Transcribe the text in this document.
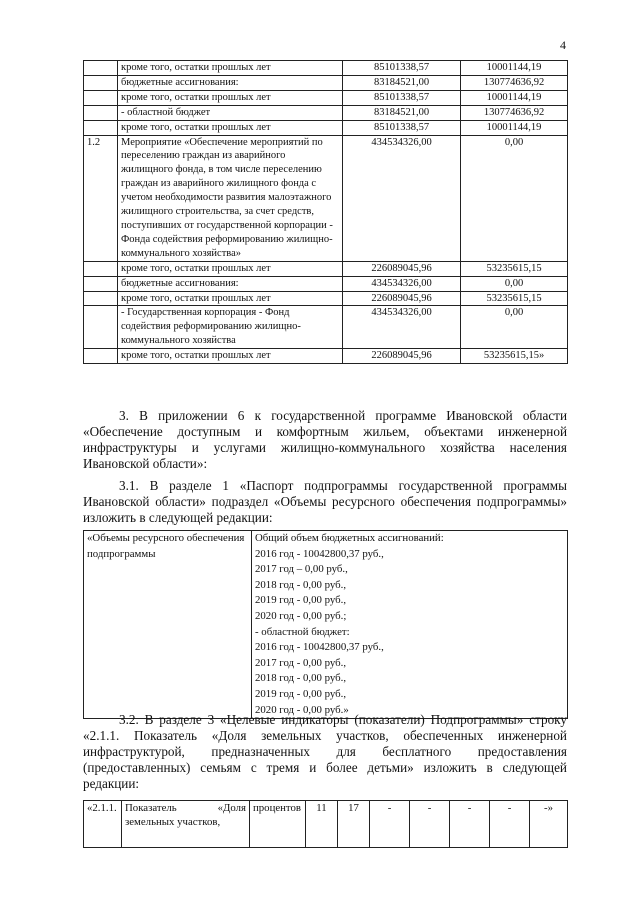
4
	кроме того, остатки прошлых лет	85101338,57	10001144,19
	бюджетные ассигнования:	83184521,00	130774636,92
	кроме того, остатки прошлых лет	85101338,57	10001144,19
	- областной бюджет	83184521,00	130774636,92
	кроме того, остатки прошлых лет	85101338,57	10001144,19
1.2	Мероприятие «Обеспечение мероприятий по переселению граждан из аварийного жилищного фонда, в том числе переселению граждан из аварийного жилищного фонда с учетом необходимости развития малоэтажного жилищного строительства, за счет средств, поступивших от государственной корпорации - Фонда содействия реформированию жилищно-коммунального хозяйства»	434534326,00	0,00
	кроме того, остатки прошлых лет	226089045,96	53235615,15
	бюджетные ассигнования:	434534326,00	0,00
	кроме того, остатки прошлых лет	226089045,96	53235615,15
	- Государственная корпорация - Фонд содействия реформированию жилищно-коммунального хозяйства	434534326,00	0,00
	кроме того, остатки прошлых лет	226089045,96	53235615,15»
3. В приложении 6 к государственной программе Ивановской области «Обеспечение доступным и комфортным жильем, объектами инженерной инфраструктуры и услугами жилищно-коммунального хозяйства населения Ивановской области»:
3.1. В разделе 1 «Паспорт подпрограммы государственной программы Ивановской области» подраздел «Объемы ресурсного обеспечения подпрограммы» изложить в следующей редакции:
«Объемы ресурсного обеспечения подпрограммы	
Общий объем бюджетных ассигнований:
2016 год - 10042800,37 руб.,
2017 год – 0,00 руб.,
2018 год - 0,00 руб.,
2019 год - 0,00 руб.,
2020 год - 0,00 руб.;
- областной бюджет:
2016 год - 10042800,37 руб.,
2017 год - 0,00 руб.,
2018 год - 0,00 руб.,
2019 год - 0,00 руб.,
2020 год - 0,00 руб.»
3.2. В разделе 3 «Целевые индикаторы (показатели) Подпрограммы» строку «2.1.1. Показатель «Доля земельных участков, обеспеченных инженерной инфраструктурой, предназначенных для бесплатного предоставления (предоставленных) семьям с тремя и более детьми» изложить в следующей редакции:
«2.1.1.	Показатель «Доля земельных участков,	процентов	11	17	-	-	-	-	-»
